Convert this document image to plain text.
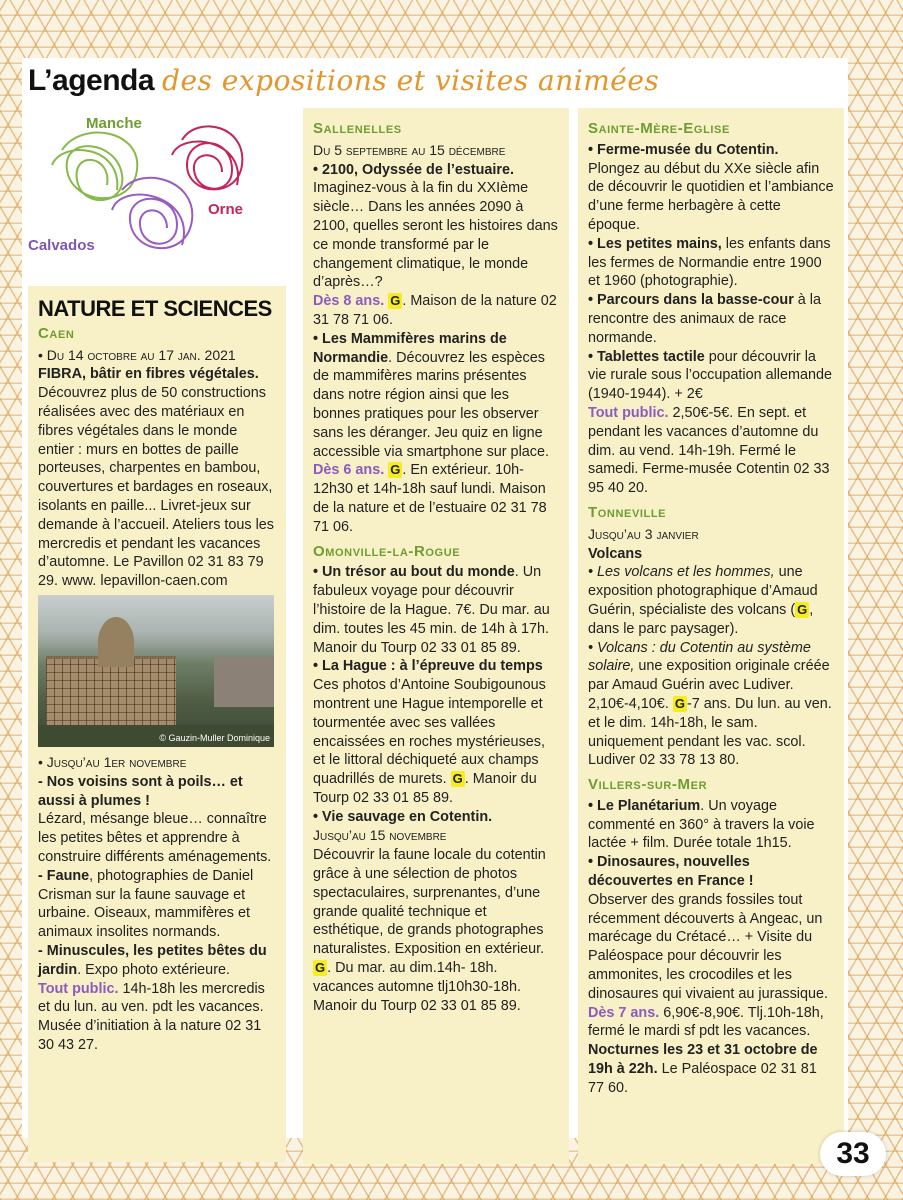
L’agenda des expositions et visites animées
Manche
Orne
Calvados
NATURE ET SCIENCES
Caen

• Du 14 octobre au 17 jan. 2021
FIBRA, bâtir en fibres végétales.
Découvrez plus de 50 constructions réalisées avec des matériaux en fibres végétales dans le monde entier : murs en bottes de paille porteuses, charpentes en bambou, couvertures et bardages en roseaux, isolants en paille... Livret-jeux sur demande à l’accueil. Ateliers tous les mercredis et pendant les vacances d’automne. Le Pavillon 02 31 83 79 29. www. lepavillon-caen.com

© Gauzin-Muller Dominique

• Jusqu’au 1er novembre
- Nos voisins sont à poils… et aussi à plumes !
Lézard, mésange bleue… connaître les petites bêtes et apprendre à construire différents aménagements.
- Faune, photographies de Daniel Crisman sur la faune sauvage et urbaine. Oiseaux, mammifères et animaux insolites normands.
- Minuscules, les petites bêtes du jardin. Expo photo extérieure.
Tout public. 14h-18h les mercredis et du lun. au ven. pdt les vacances. Musée d’initiation à la nature 02 31 30 43 27.

Sallenelles

Du 5 septembre au 15 décembre
• 2100, Odyssée de l’estuaire.
Imaginez-vous à la fin du XXIème siècle… Dans les années 2090 à 2100, quelles seront les histoires dans ce monde transformé par le changement climatique, le monde d’après…?
Dès 8 ans. G . Maison de la nature 02 31 78 71 06.
• Les Mammifères marins de Normandie. Découvrez les espèces de mammifères marins présentes dans notre région ainsi que les bonnes pratiques pour les observer sans les déranger. Jeu quiz en ligne accessible via smartphone sur place.
Dès 6 ans. G . En extérieur. 10h-12h30 et 14h-18h sauf lundi. Maison de la nature et de l’estuaire 02 31 78 71 06.

Omonville-la-Rogue

• Un trésor au bout du monde. Un fabuleux voyage pour découvrir l’histoire de la Hague. 7€. Du mar. au dim. toutes les 45 min. de 14h à 17h. Manoir du Tourp 02 33 01 85 89.
• La Hague : à l’épreuve du temps
Ces photos d’Antoine Soubigounous montrent une Hague intemporelle et tourmentée avec ses vallées encaissées en roches mystérieuses, et le littoral déchiqueté aux champs quadrillés de murets. G . Manoir du Tourp 02 33 01 85 89.
• Vie sauvage en Cotentin.
Jusqu’au 15 novembre
Découvrir la faune locale du cotentin grâce à une sélection de photos spectaculaires, surprenantes, d’une grande qualité technique et esthétique, de grands photographes naturalistes. Exposition en extérieur. G . Du mar. au dim.14h- 18h. vacances automne tlj10h30-18h. Manoir du Tourp 02 33 01 85 89.

Sainte-Mère-Eglise

• Ferme-musée du Cotentin.
Plongez au début du XXe siècle afin de découvrir le quotidien et l’ambiance d’une ferme herbagère à cette époque.
• Les petites mains, les enfants dans les fermes de Normandie entre 1900 et 1960 (photographie).
• Parcours dans la basse-cour à la rencontre des animaux de race normande.
• Tablettes tactile pour découvrir la vie rurale sous l’occupation allemande (1940-1944). + 2€
Tout public. 2,50€-5€. En sept. et pendant les vacances d’automne du dim. au vend. 14h-19h. Fermé le samedi. Ferme-musée Cotentin 02 33 95 40 20.

Tonneville

Jusqu’au 3 janvier
Volcans
• Les volcans et les hommes, une exposition photographique d’Amaud Guérin, spécialiste des volcans ( G , dans le parc paysager).
• Volcans : du Cotentin au système solaire, une exposition originale créée par Amaud Guérin avec Ludiver. 2,10€-4,10€. G -7 ans. Du lun. au ven. et le dim. 14h-18h, le sam. uniquement pendant les vac. scol. Ludiver 02 33 78 13 80.

Villers-sur-Mer

• Le Planétarium. Un voyage commenté en 360° à travers la voie lactée + film. Durée totale 1h15.
• Dinosaures, nouvelles découvertes en France !
Observer des grands fossiles tout récemment découverts à Angeac, un marécage du Crétacé… + Visite du Paléospace pour découvrir les ammonites, les crocodiles et les dinosaures qui vivaient au jurassique.
Dès 7 ans. 6,90€-8,90€. Tlj.10h-18h, fermé le mardi sf pdt les vacances.
Nocturnes les 23 et 31 octobre de 19h à 22h. Le Paléospace 02 31 81 77 60.

33
